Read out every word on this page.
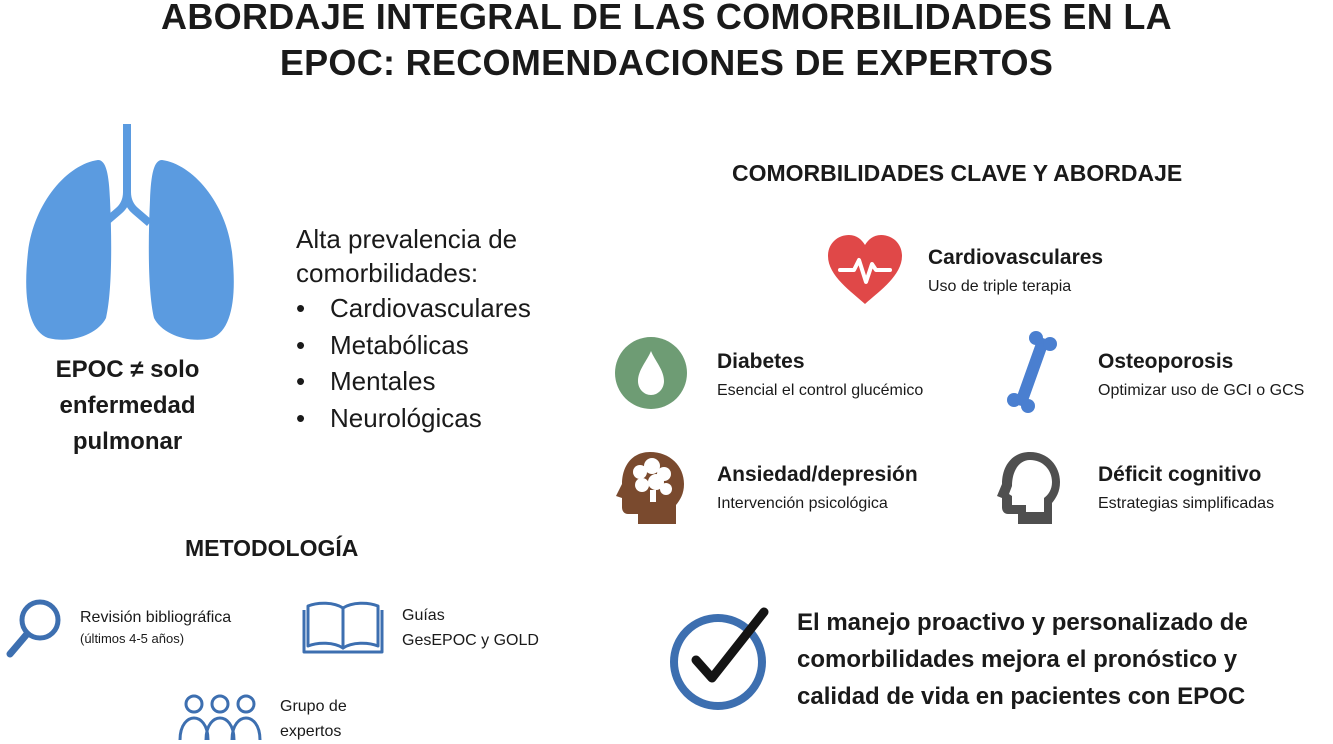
ABORDAJE INTEGRAL DE LAS COMORBILIDADES EN LA
EPOC: RECOMENDACIONES DE EXPERTOS
EPOC ≠ solo
enfermedad
pulmonar
Alta prevalencia de comorbilidades:
• Cardiovasculares
• Metabólicas
• Mentales
• Neurológicas
COMORBILIDADES CLAVE Y ABORDAJE
Cardiovasculares
Uso de triple terapia
Diabetes
Esencial el control glucémico
Osteoporosis
Optimizar uso de GCI o GCS
Ansiedad/depresión
Intervención psicológica
Déficit cognitivo
Estrategias simplificadas
METODOLOGÍA
Revisión bibliográfica
(últimos 4-5 años)
Guías
GesEPOC y GOLD
Grupo de
expertos
El manejo proactivo y personalizado de comorbilidades mejora el pronóstico y calidad de vida en pacientes con EPOC
